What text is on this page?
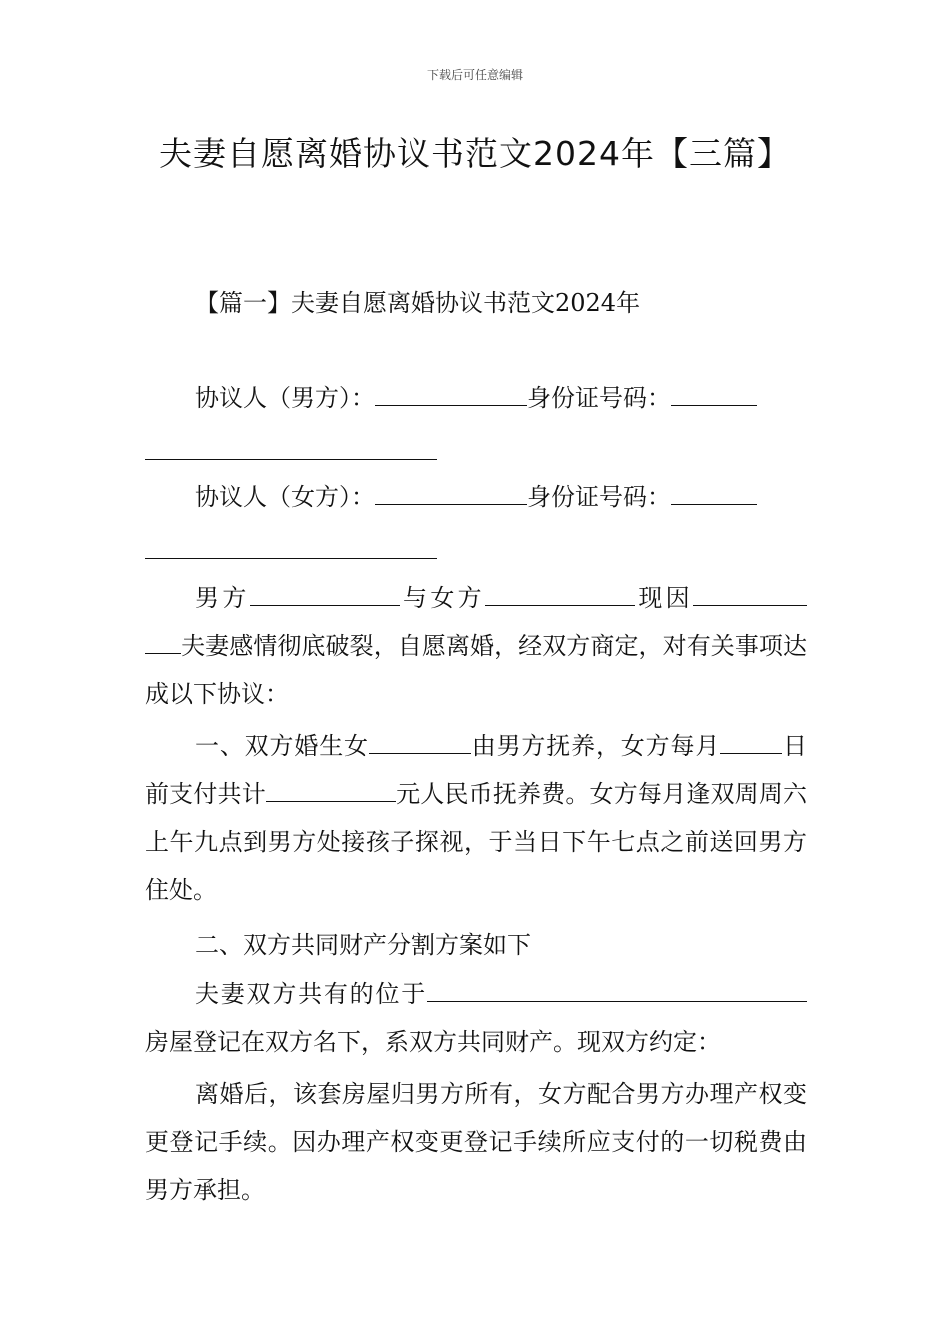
下载后可任意编辑
夫妻自愿离婚协议书范文2024年【三篇】
【篇一】夫妻自愿离婚协议书范文2024年
协议人（男方）：	身份证号码：
协议人（女方）：	身份证号码：

男方	与女方	现因夫妻感情彻底破裂，自愿离婚，经双方商定，对有关事项达成以下协议：

一、双方婚生女	由男方抚养，女方每月	日前支付共计	元人民币抚养费。女方每月逢双周周六上午九点到男方处接孩子探视，于当日下午七点之前送回男方住处。

二、双方共同财产分割方案如下

夫妻双方共有的位于房屋登记在双方名下，系双方共同财产。现双方约定：

离婚后，该套房屋归男方所有，女方配合男方办理产权变更登记手续。因办理产权变更登记手续所应支付的一切税费由男方承担。
